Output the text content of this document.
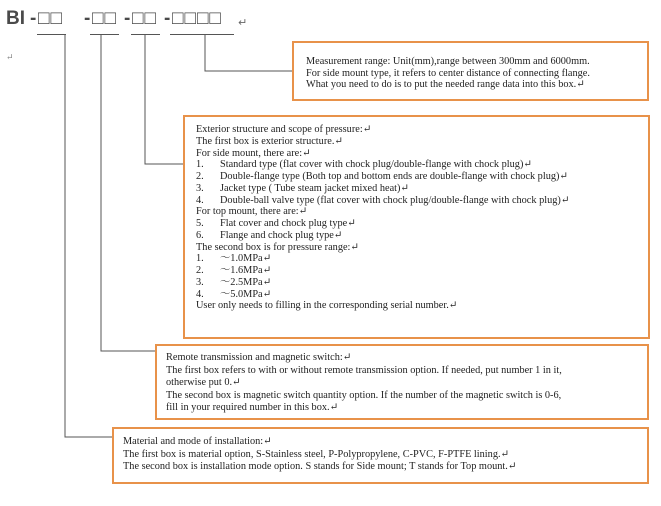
BI - □□ - □□ - □□ - □□□□ ↵
↵	Measurement range: Unit(mm),range between 300mm and 6000mm.

For side mount type, it refers to center distance of connecting flange.

What you need to do is to put the needed range data into this box.↵

Exterior structure and scope of pressure:↵

The first box is exterior structure.↵

For side mount, there are:↵

1. Standard type (flat cover with chock plug/double-flange with chock plug)↵
2. Double-flange type (Both top and bottom ends are double-flange with chock plug)↵
3. Jacket type ( Tube steam jacket mixed heat)↵
4. Double-ball valve type (flat cover with chock plug/double-flange with chock plug)↵

For top mount, there are:↵

5. Flat cover and chock plug type↵
6. Flange and chock plug type↵

The second box is for pressure range:↵

1. ～1.0MPa↵
2. ～1.6MPa↵
3. ～2.5MPa↵
4. ～5.0MPa↵

User only needs to filling in the corresponding serial number.↵

Remote transmission and magnetic switch:↵

The first box refers to with or without remote transmission option. If needed, put number 1 in it,

otherwise put 0.↵

The second box is magnetic switch quantity option. If the number of the magnetic switch is 0-6,

fill in your required number in this box.↵

Material and mode of installation:↵

The first box is material option, S-Stainless steel, P-Polypropylene, C-PVC, F-PTFE lining.↵

The second box is installation mode option. S stands for Side mount; T stands for Top mount.↵
